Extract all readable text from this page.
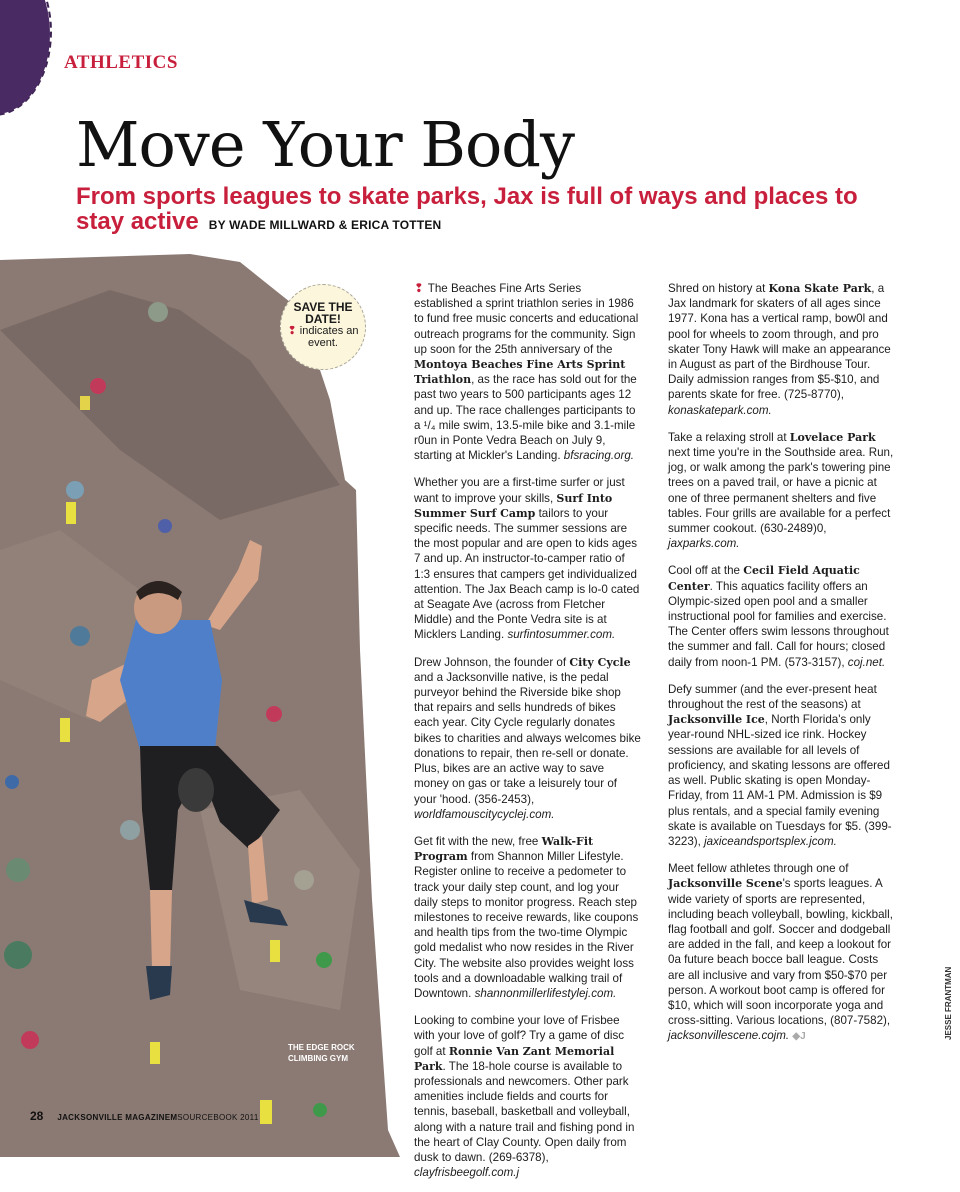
ATHLETICS
Move Your Body
From sports leagues to skate parks, Jax is full of ways and places to stay active BY WADE MILLWARD & ERICA TOTTEN
SAVE THE DATE!
❢ indicates an event.
THE EDGE ROCK
CLIMBING GYM

❢ The Beaches Fine Arts Series established a sprint triathlon series in 1986 to fund free music concerts and educational outreach programs for the community. Sign up soon for the 25th anniversary of the Montoya Beaches Fine Arts Sprint Triathlon, as the race has sold out for the past two years to 500 participants ages 12 and up. The race challenges participants to a ¹/₄ mile swim, 13.5-mile bike and 3.1-mile r0un in Ponte Vedra Beach on July 9, starting at Mickler's Landing. bfsracing.org.

Whether you are a first-time surfer or just want to improve your skills, Surf Into Summer Surf Camp tailors to your specific needs. The summer sessions are the most popular and are open to kids ages 7 and up. An instructor-to-camper ratio of 1:3 ensures that campers get individualized attention. The Jax Beach camp is lo-0 cated at Seagate Ave (across from Fletcher Middle) and the Ponte Vedra site is at Micklers Landing. surfintosummer.com.

Drew Johnson, the founder of City Cycle and a Jacksonville native, is the pedal purveyor behind the Riverside bike shop that repairs and sells hundreds of bikes each year. City Cycle regularly donates bikes to charities and always welcomes bike donations to repair, then re-sell or donate. Plus, bikes are an active way to save money on gas or take a leisurely tour of your 'hood. (356-2453), worldfamouscitycyclej.com.

Get fit with the new, free Walk-Fit Program from Shannon Miller Lifestyle. Register online to receive a pedometer to track your daily step count, and log your daily steps to monitor progress. Reach step milestones to receive rewards, like coupons and health tips from the two-time Olympic gold medalist who now resides in the River City. The website also provides weight loss tools and a downloadable walking trail of Downtown. shannonmillerlifestylej.com.

Looking to combine your love of Frisbee with your love of golf? Try a game of disc golf at Ronnie Van Zant Memorial Park. The 18-hole course is available to professionals and newcomers. Other park amenities include fields and courts for tennis, baseball, basketball and volleyball, along with a nature trail and fishing pond in the heart of Clay County. Open daily from dusk to dawn. (269-6378), clayfrisbeegolf.com.j

Shred on history at Kona Skate Park, a Jax landmark for skaters of all ages since 1977. Kona has a vertical ramp, bow0l and pool for wheels to zoom through, and pro skater Tony Hawk will make an appearance in August as part of the Birdhouse Tour. Daily admission ranges from $5-$10, and parents skate for free. (725-8770), konaskatepark.com.

Take a relaxing stroll at Lovelace Park next time you're in the Southside area. Run, jog, or walk among the park's towering pine trees on a paved trail, or have a picnic at one of three permanent shelters and five tables. Four grills are available for a perfect summer cookout. (630-2489)0, jaxparks.com.

Cool off at the Cecil Field Aquatic Center. This aquatics facility offers an Olympic-sized open pool and a smaller instructional pool for families and exercise. The Center offers swim lessons throughout the summer and fall. Call for hours; closed daily from noon-1 PM. (573-3157), coj.net.

Defy summer (and the ever-present heat throughout the rest of the seasons) at Jacksonville Ice, North Florida's only year-round NHL-sized ice rink. Hockey sessions are available for all levels of proficiency, and skating lessons are offered as well. Public skating is open Monday-Friday, from 11 AM-1 PM. Admission is $9 plus rentals, and a special family evening skate is available on Tuesdays for $5. (399-3223), jaxiceandsportsplex.jcom.

Meet fellow athletes through one of Jacksonville Scene's sports leagues. A wide variety of sports are represented, including beach volleyball, bowling, kickball, flag football and golf. Soccer and dodgeball are added in the fall, and keep a lookout for 0a future beach bocce ball league. Costs are all inclusive and vary from $50-$70 per person. A workout boot camp is offered for $10, which will soon incorporate yoga and cross-sitting. Various locations, (807-7582), jacksonvillescene.cojm. ◆J

28 JACKSONVILLE MAGAZINEMSOURCEBOOK 2011
JESSE FRANTMAN
